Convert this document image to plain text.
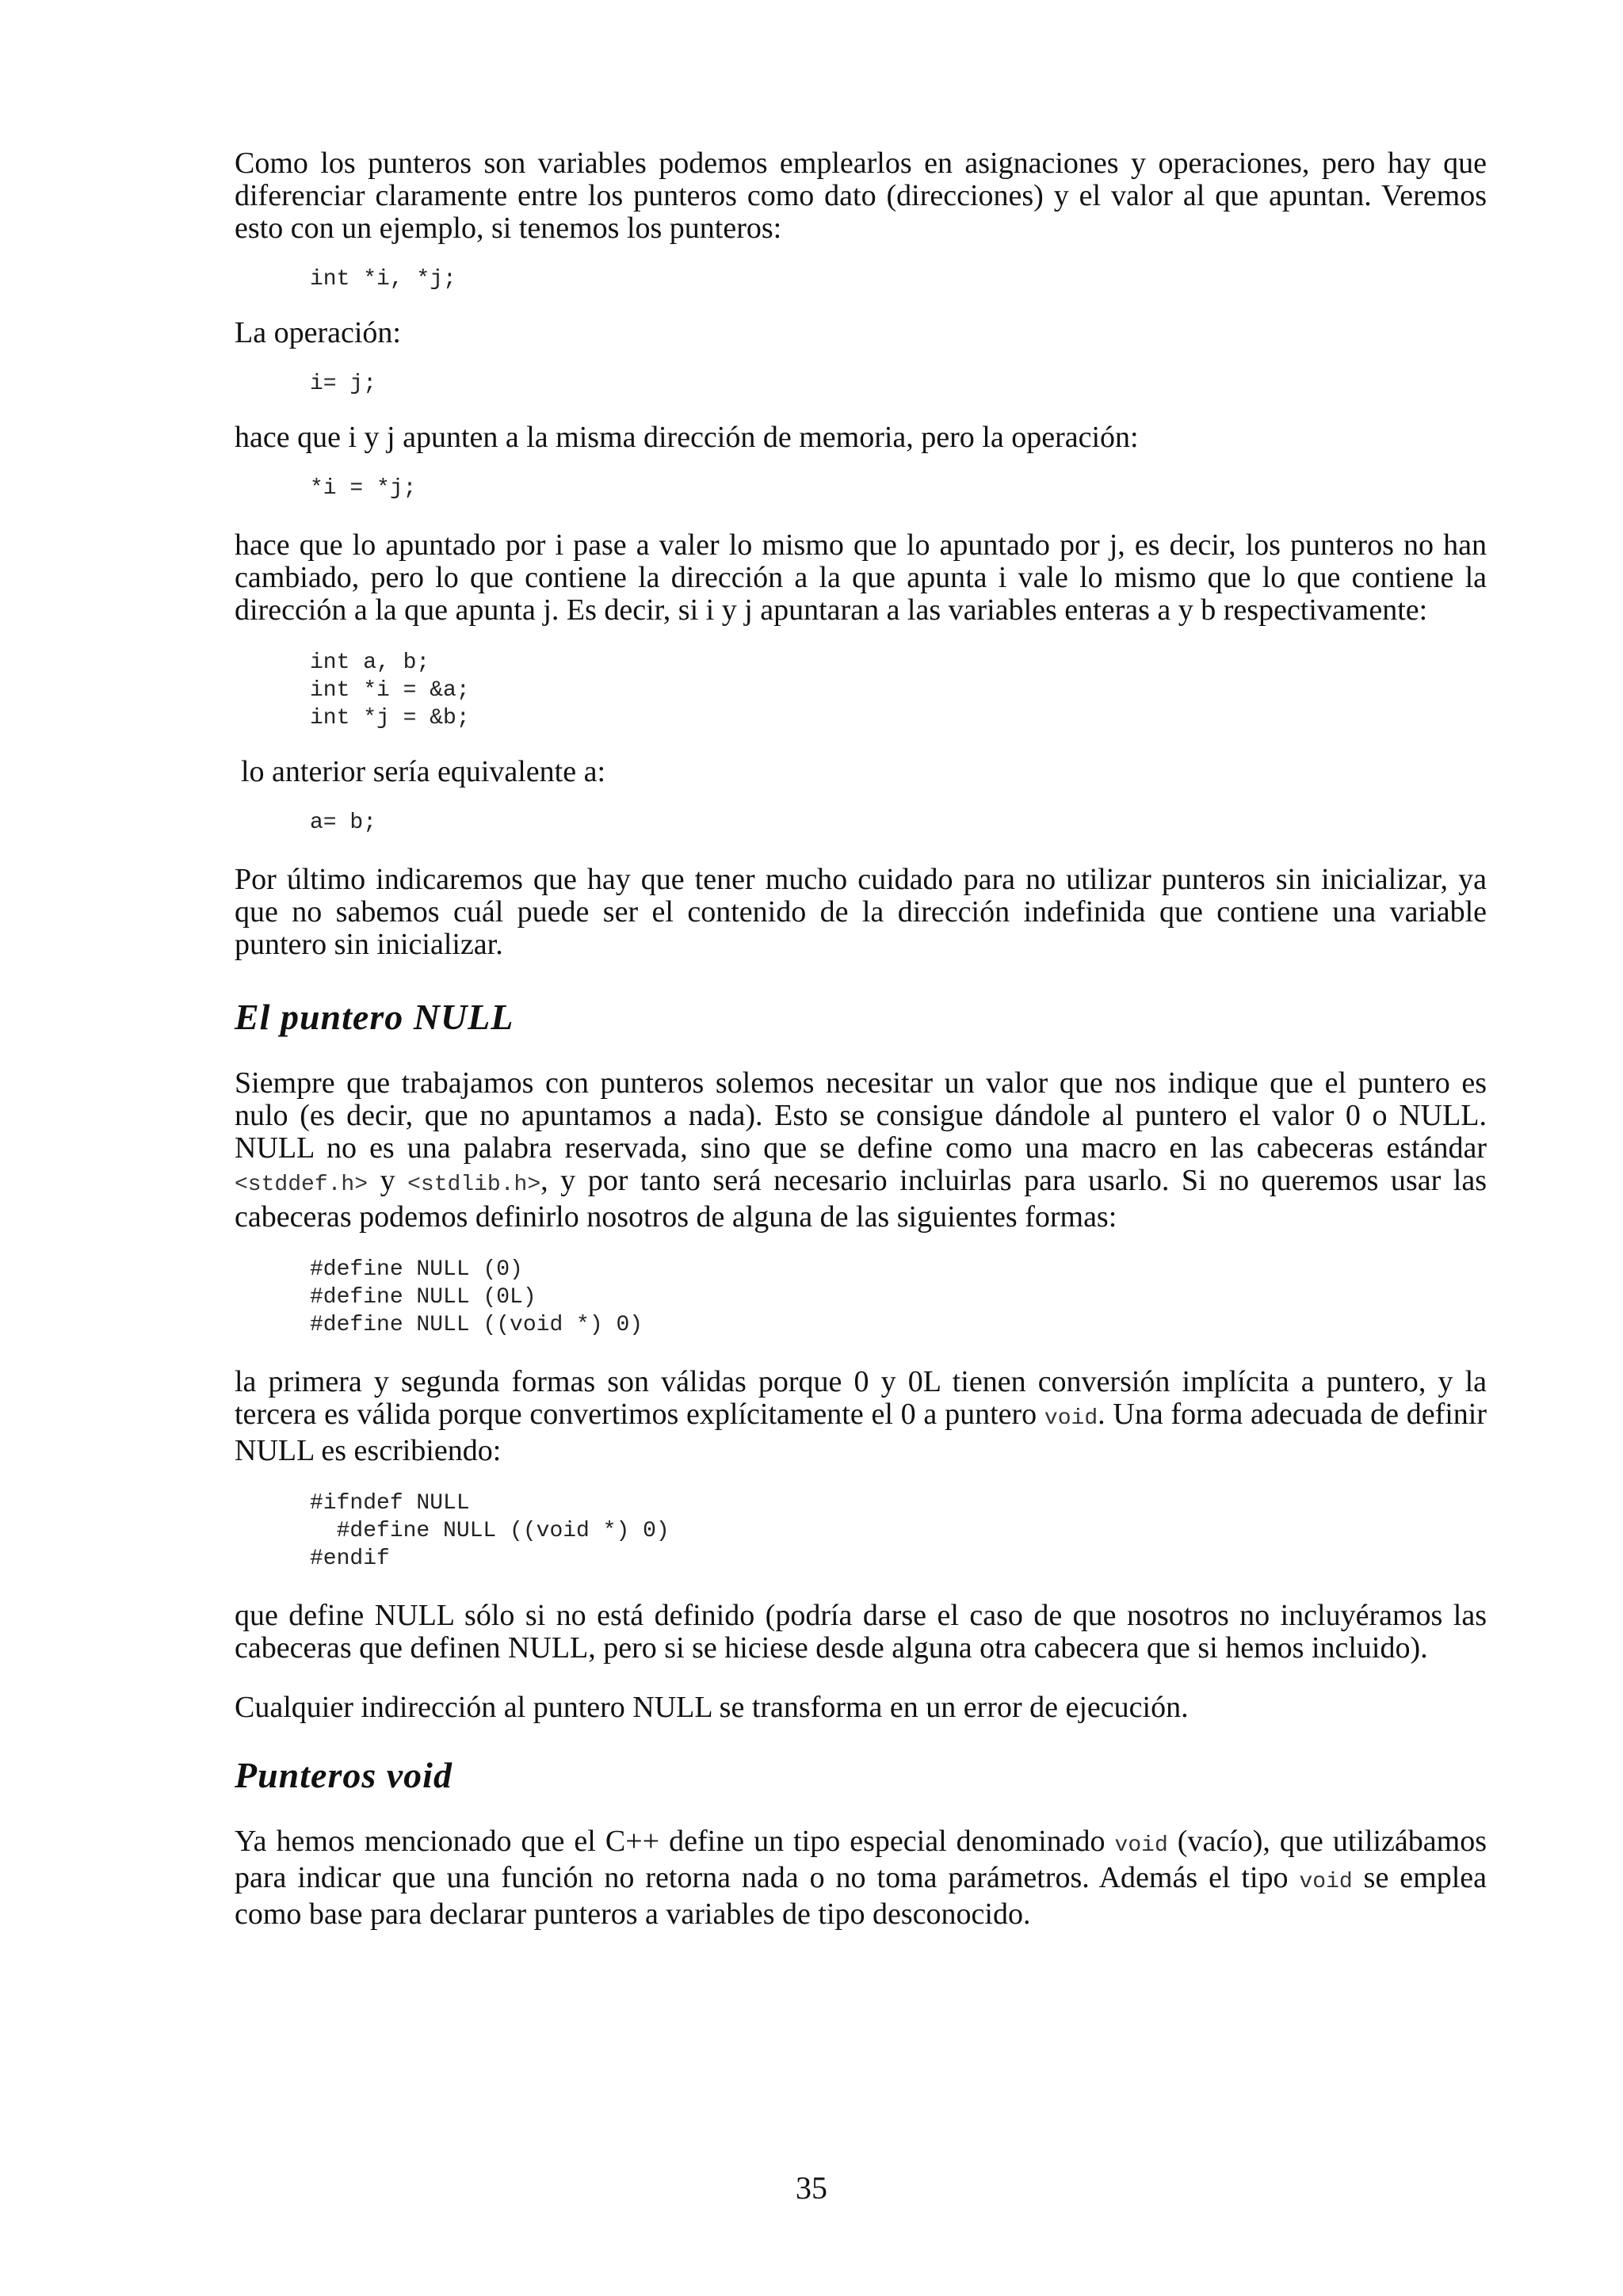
Como los punteros son variables podemos emplearlos en asignaciones y operaciones, pero hay que diferenciar claramente entre los punteros como dato (direcciones) y el valor al que apuntan. Veremos esto con un ejemplo, si tenemos los punteros:

int *i, *j;

La operación:

i= j;

hace que i y j apunten a la misma dirección de memoria, pero la operación:

*i = *j;

hace que lo apuntado por i pase a valer lo mismo que lo apuntado por j, es decir, los punteros no han cambiado, pero lo que contiene la dirección a la que apunta i vale lo mismo que lo que contiene la dirección a la que apunta j. Es decir, si i y j apuntaran a las variables enteras a y b respectivamente:

int a, b;
int *i = &a;
int *j = &b;

lo anterior sería equivalente a:

a= b;

Por último indicaremos que hay que tener mucho cuidado para no utilizar punteros sin inicializar, ya que no sabemos cuál puede ser el contenido de la dirección indefinida que contiene una variable puntero sin inicializar.

El puntero NULL

Siempre que trabajamos con punteros solemos necesitar un valor que nos indique que el puntero es nulo (es decir, que no apuntamos a nada). Esto se consigue dándole al puntero el valor 0 o NULL. NULL no es una palabra reservada, sino que se define como una macro en las cabeceras estándar <stddef.h> y <stdlib.h>, y por tanto será necesario incluirlas para usarlo. Si no queremos usar las cabeceras podemos definirlo nosotros de alguna de las siguientes formas:

#define NULL (0)
#define NULL (0L)
#define NULL ((void *) 0)

la primera y segunda formas son válidas porque 0 y 0L tienen conversión implícita a puntero, y la tercera es válida porque convertimos explícitamente el 0 a puntero void. Una forma adecuada de definir NULL es escribiendo:

#ifndef NULL
#define NULL ((void *) 0)
#endif

que define NULL sólo si no está definido (podría darse el caso de que nosotros no incluyéramos las cabeceras que definen NULL, pero si se hiciese desde alguna otra cabecera que si hemos incluido).

Cualquier indirección al puntero NULL se transforma en un error de ejecución.

Punteros void

Ya hemos mencionado que el C++ define un tipo especial denominado void (vacío), que utilizábamos para indicar que una función no retorna nada o no toma parámetros. Además el tipo void se emplea como base para declarar punteros a variables de tipo desconocido.

35
